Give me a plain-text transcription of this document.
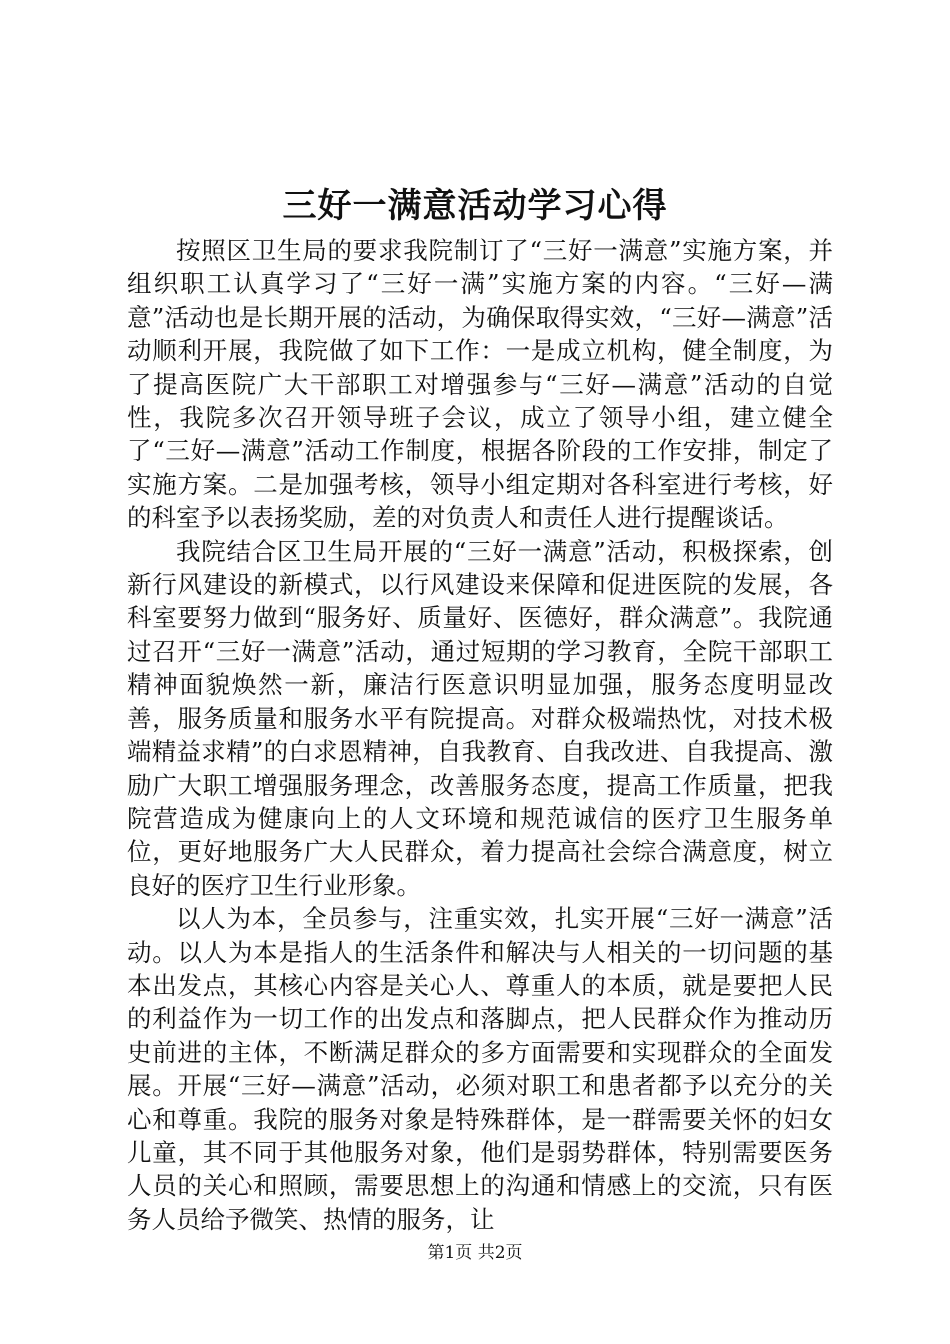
三好一满意活动学习心得

按照区卫生局的要求我院制订了“三好一满意”实施方案，并组织职工认真学习了“三好一满”实施方案的内容。“三好—满意”活动也是长期开展的活动，为确保取得实效，“三好—满意”活动顺利开展，我院做了如下工作：一是成立机构，健全制度，为了提高医院广大干部职工对增强参与“三好—满意”活动的自觉性，我院多次召开领导班子会议，成立了领导小组，建立健全了“三好—满意”活动工作制度，根据各阶段的工作安排，制定了实施方案。二是加强考核，领导小组定期对各科室进行考核，好的科室予以表扬奖励，差的对负责人和责任人进行提醒谈话。

我院结合区卫生局开展的“三好一满意”活动，积极探索，创新行风建设的新模式，以行风建设来保障和促进医院的发展，各科室要努力做到“服务好、质量好、医德好，群众满意”。我院通过召开“三好一满意”活动，通过短期的学习教育，全院干部职工精神面貌焕然一新，廉洁行医意识明显加强，服务态度明显改善，服务质量和服务水平有院提高。对群众极端热忱，对技术极端精益求精”的白求恩精神，自我教育、自我改进、自我提高、激励广大职工增强服务理念，改善服务态度，提高工作质量，把我院营造成为健康向上的人文环境和规范诚信的医疗卫生服务单位，更好地服务广大人民群众，着力提高社会综合满意度，树立良好的医疗卫生行业形象。

以人为本，全员参与，注重实效，扎实开展“三好一满意”活动。以人为本是指人的生活条件和解决与人相关的一切问题的基本出发点，其核心内容是关心人、尊重人的本质，就是要把人民的利益作为一切工作的出发点和落脚点，把人民群众作为推动历史前进的主体，不断满足群众的多方面需要和实现群众的全面发展。开展“三好—满意”活动，必须对职工和患者都予以充分的关心和尊重。我院的服务对象是特殊群体，是一群需要关怀的妇女儿童，其不同于其他服务对象，他们是弱势群体，特别需要医务人员的关心和照顾，需要思想上的沟通和情感上的交流，只有医务人员给予微笑、热情的服务，让

第1页 共2页
